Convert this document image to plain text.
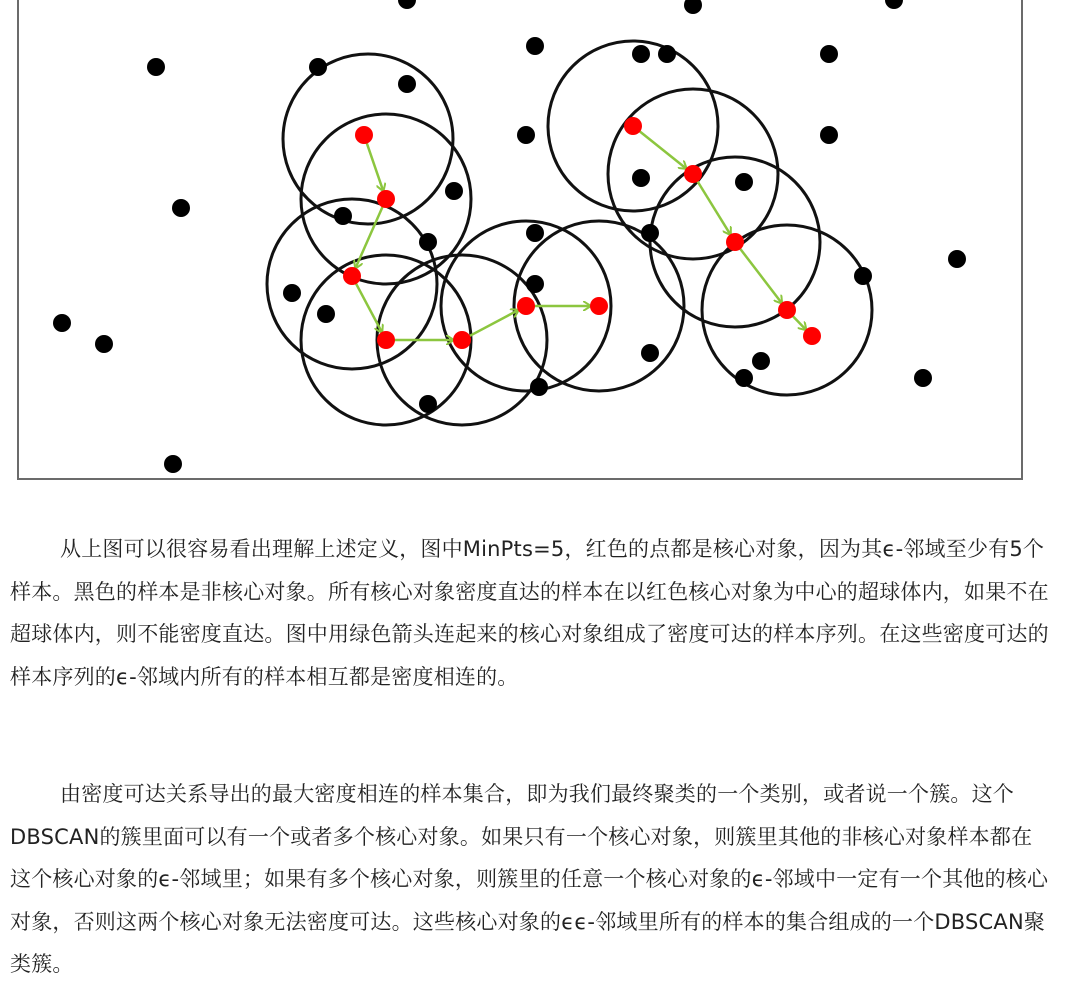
从上图可以很容易看出理解上述定义，图中MinPts=5，红色的点都是核心对象，因为其ϵ-邻域至少有5个样本。黑色的样本是非核心对象。所有核心对象密度直达的样本在以红色核心对象为中心的超球体内，如果不在超球体内，则不能密度直达。图中用绿色箭头连起来的核心对象组成了密度可达的样本序列。在这些密度可达的样本序列的ϵ-邻域内所有的样本相互都是密度相连的。

由密度可达关系导出的最大密度相连的样本集合，即为我们最终聚类的一个类别，或者说一个簇。这个DBSCAN的簇里面可以有一个或者多个核心对象。如果只有一个核心对象，则簇里其他的非核心对象样本都在这个核心对象的ϵ-邻域里；如果有多个核心对象，则簇里的任意一个核心对象的ϵ-邻域中一定有一个其他的核心对象，否则这两个核心对象无法密度可达。这些核心对象的ϵϵ-邻域里所有的样本的集合组成的一个DBSCAN聚类簇。
